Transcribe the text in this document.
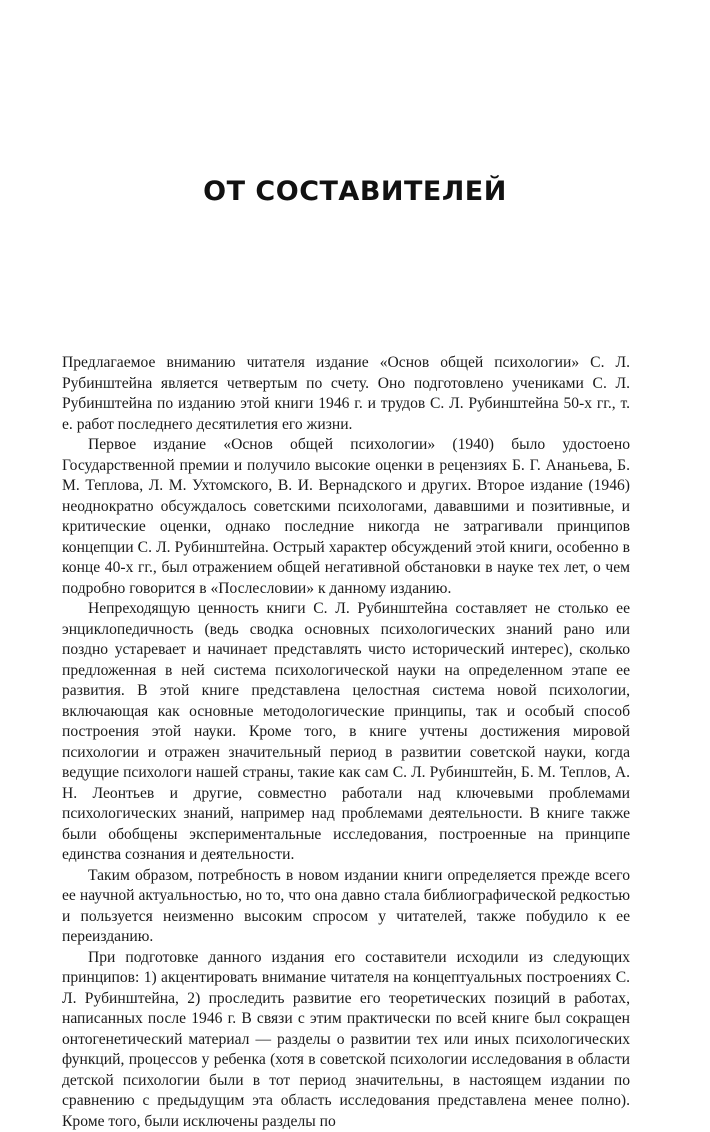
ОТ СОСТАВИТЕЛЕЙ

Предлагаемое вниманию читателя издание «Основ общей психологии» С. Л. Рубинштейна является четвертым по счету. Оно подготовлено учениками С. Л. Рубинштейна по изданию этой книги 1946 г. и трудов С. Л. Рубинштейна 50-х гг., т. е. работ последнего десятилетия его жизни.

Первое издание «Основ общей психологии» (1940) было удостоено Государственной премии и получило высокие оценки в рецензиях Б. Г. Ананьева, Б. М. Теплова, Л. М. Ухтомского, В. И. Вернадского и других. Второе издание (1946) неоднократно обсуждалось советскими психологами, дававшими и позитивные, и критические оценки, однако последние никогда не затрагивали принципов концепции С. Л. Рубинштейна. Острый характер обсуждений этой книги, особенно в конце 40-х гг., был отражением общей негативной обстановки в науке тех лет, о чем подробно говорится в «Послесловии» к данному изданию.

Непреходящую ценность книги С. Л. Рубинштейна составляет не столько ее энциклопедичность (ведь сводка основных психологических знаний рано или поздно устаревает и начинает представлять чисто исторический интерес), сколько предложенная в ней система психологической науки на определенном этапе ее развития. В этой книге представлена целостная система новой психологии, включающая как основные методологические принципы, так и особый способ построения этой науки. Кроме того, в книге учтены достижения мировой психологии и отражен значительный период в развитии советской науки, когда ведущие психологи нашей страны, такие как сам С. Л. Рубинштейн, Б. М. Теплов, А. Н. Леонтьев и другие, совместно работали над ключевыми проблемами психологических знаний, например над проблемами деятельности. В книге также были обобщены экспериментальные исследования, построенные на принципе единства сознания и деятельности.

Таким образом, потребность в новом издании книги определяется прежде всего ее научной актуальностью, но то, что она давно стала библиографической редкостью и пользуется неизменно высоким спросом у читателей, также побудило к ее переизданию.

При подготовке данного издания его составители исходили из следующих принципов: 1) акцентировать внимание читателя на концептуальных построениях С. Л. Рубинштейна, 2) проследить развитие его теоретических позиций в работах, написанных после 1946 г. В связи с этим практически по всей книге был сокращен онтогенетический материал — разделы о развитии тех или иных психологических функций, процессов у ребенка (хотя в советской психологии исследования в области детской психологии были в тот период значительны, в настоящем издании по сравнению с предыдущим эта область исследования представлена менее полно). Кроме того, были исключены разделы по
